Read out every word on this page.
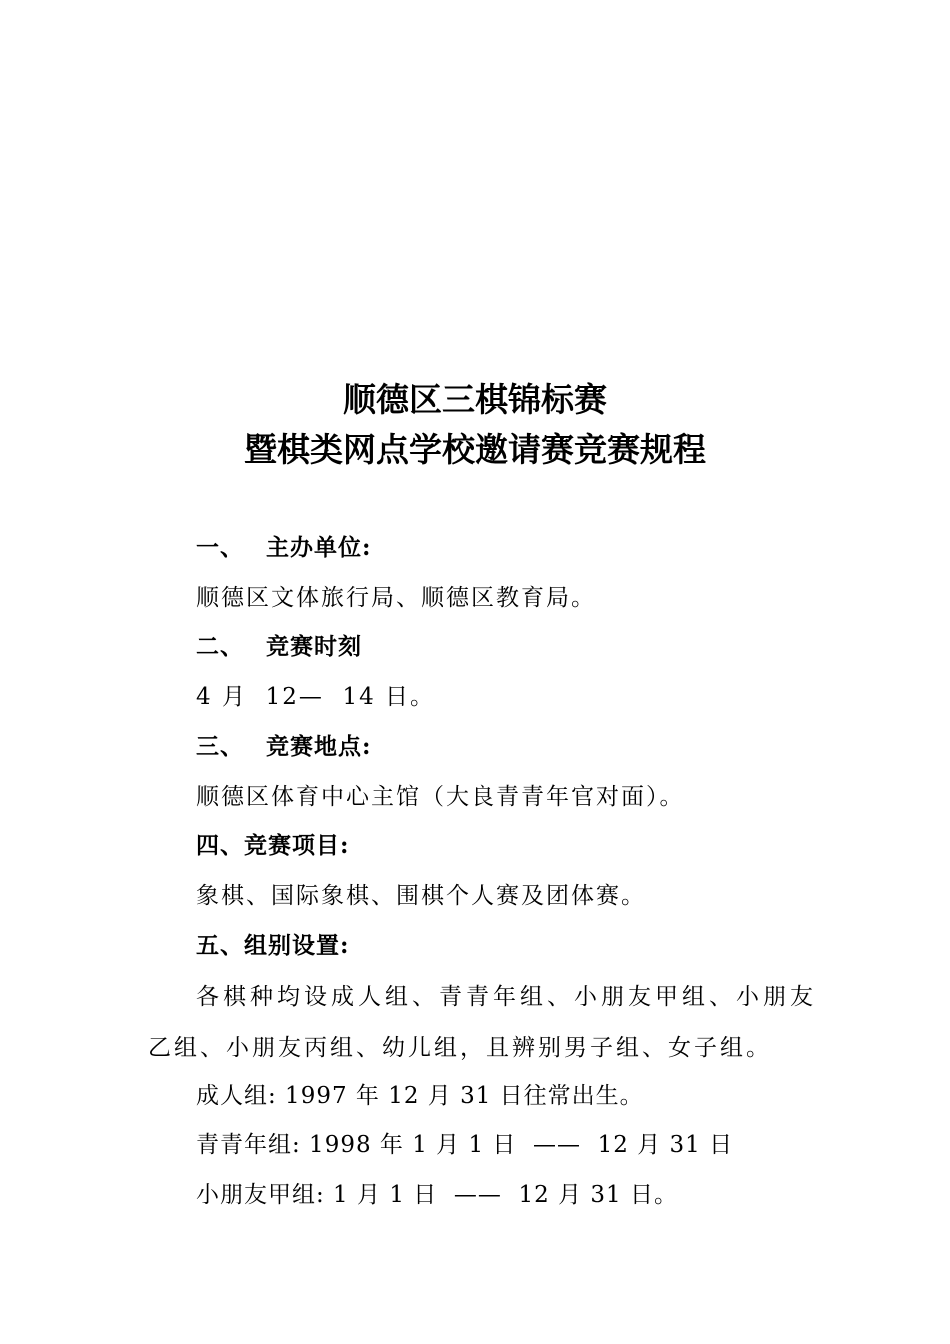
顺德区三棋锦标赛
暨棋类网点学校邀请赛竞赛规程
一、 主办单位:
顺德区文体旅行局、顺德区教育局。
二、 竞赛时刻
4 月  12—  14 日。
三、 竞赛地点:
顺德区体育中心主馆（大良青青年官对面）。
四、竞赛项目:
象棋、国际象棋、围棋个人赛及团体赛。
五、组别设置:
各棋种均设成人组、青青年组、小朋友甲组、小朋友
乙组、小朋友丙组、幼儿组，且辨别男子组、女子组。
成人组: 1997 年 12 月 31 日往常出生。
青青年组: 1998 年 1 月 1 日  ——  12 月 31 日
小朋友甲组: 1 月 1 日  ——  12 月 31 日。
